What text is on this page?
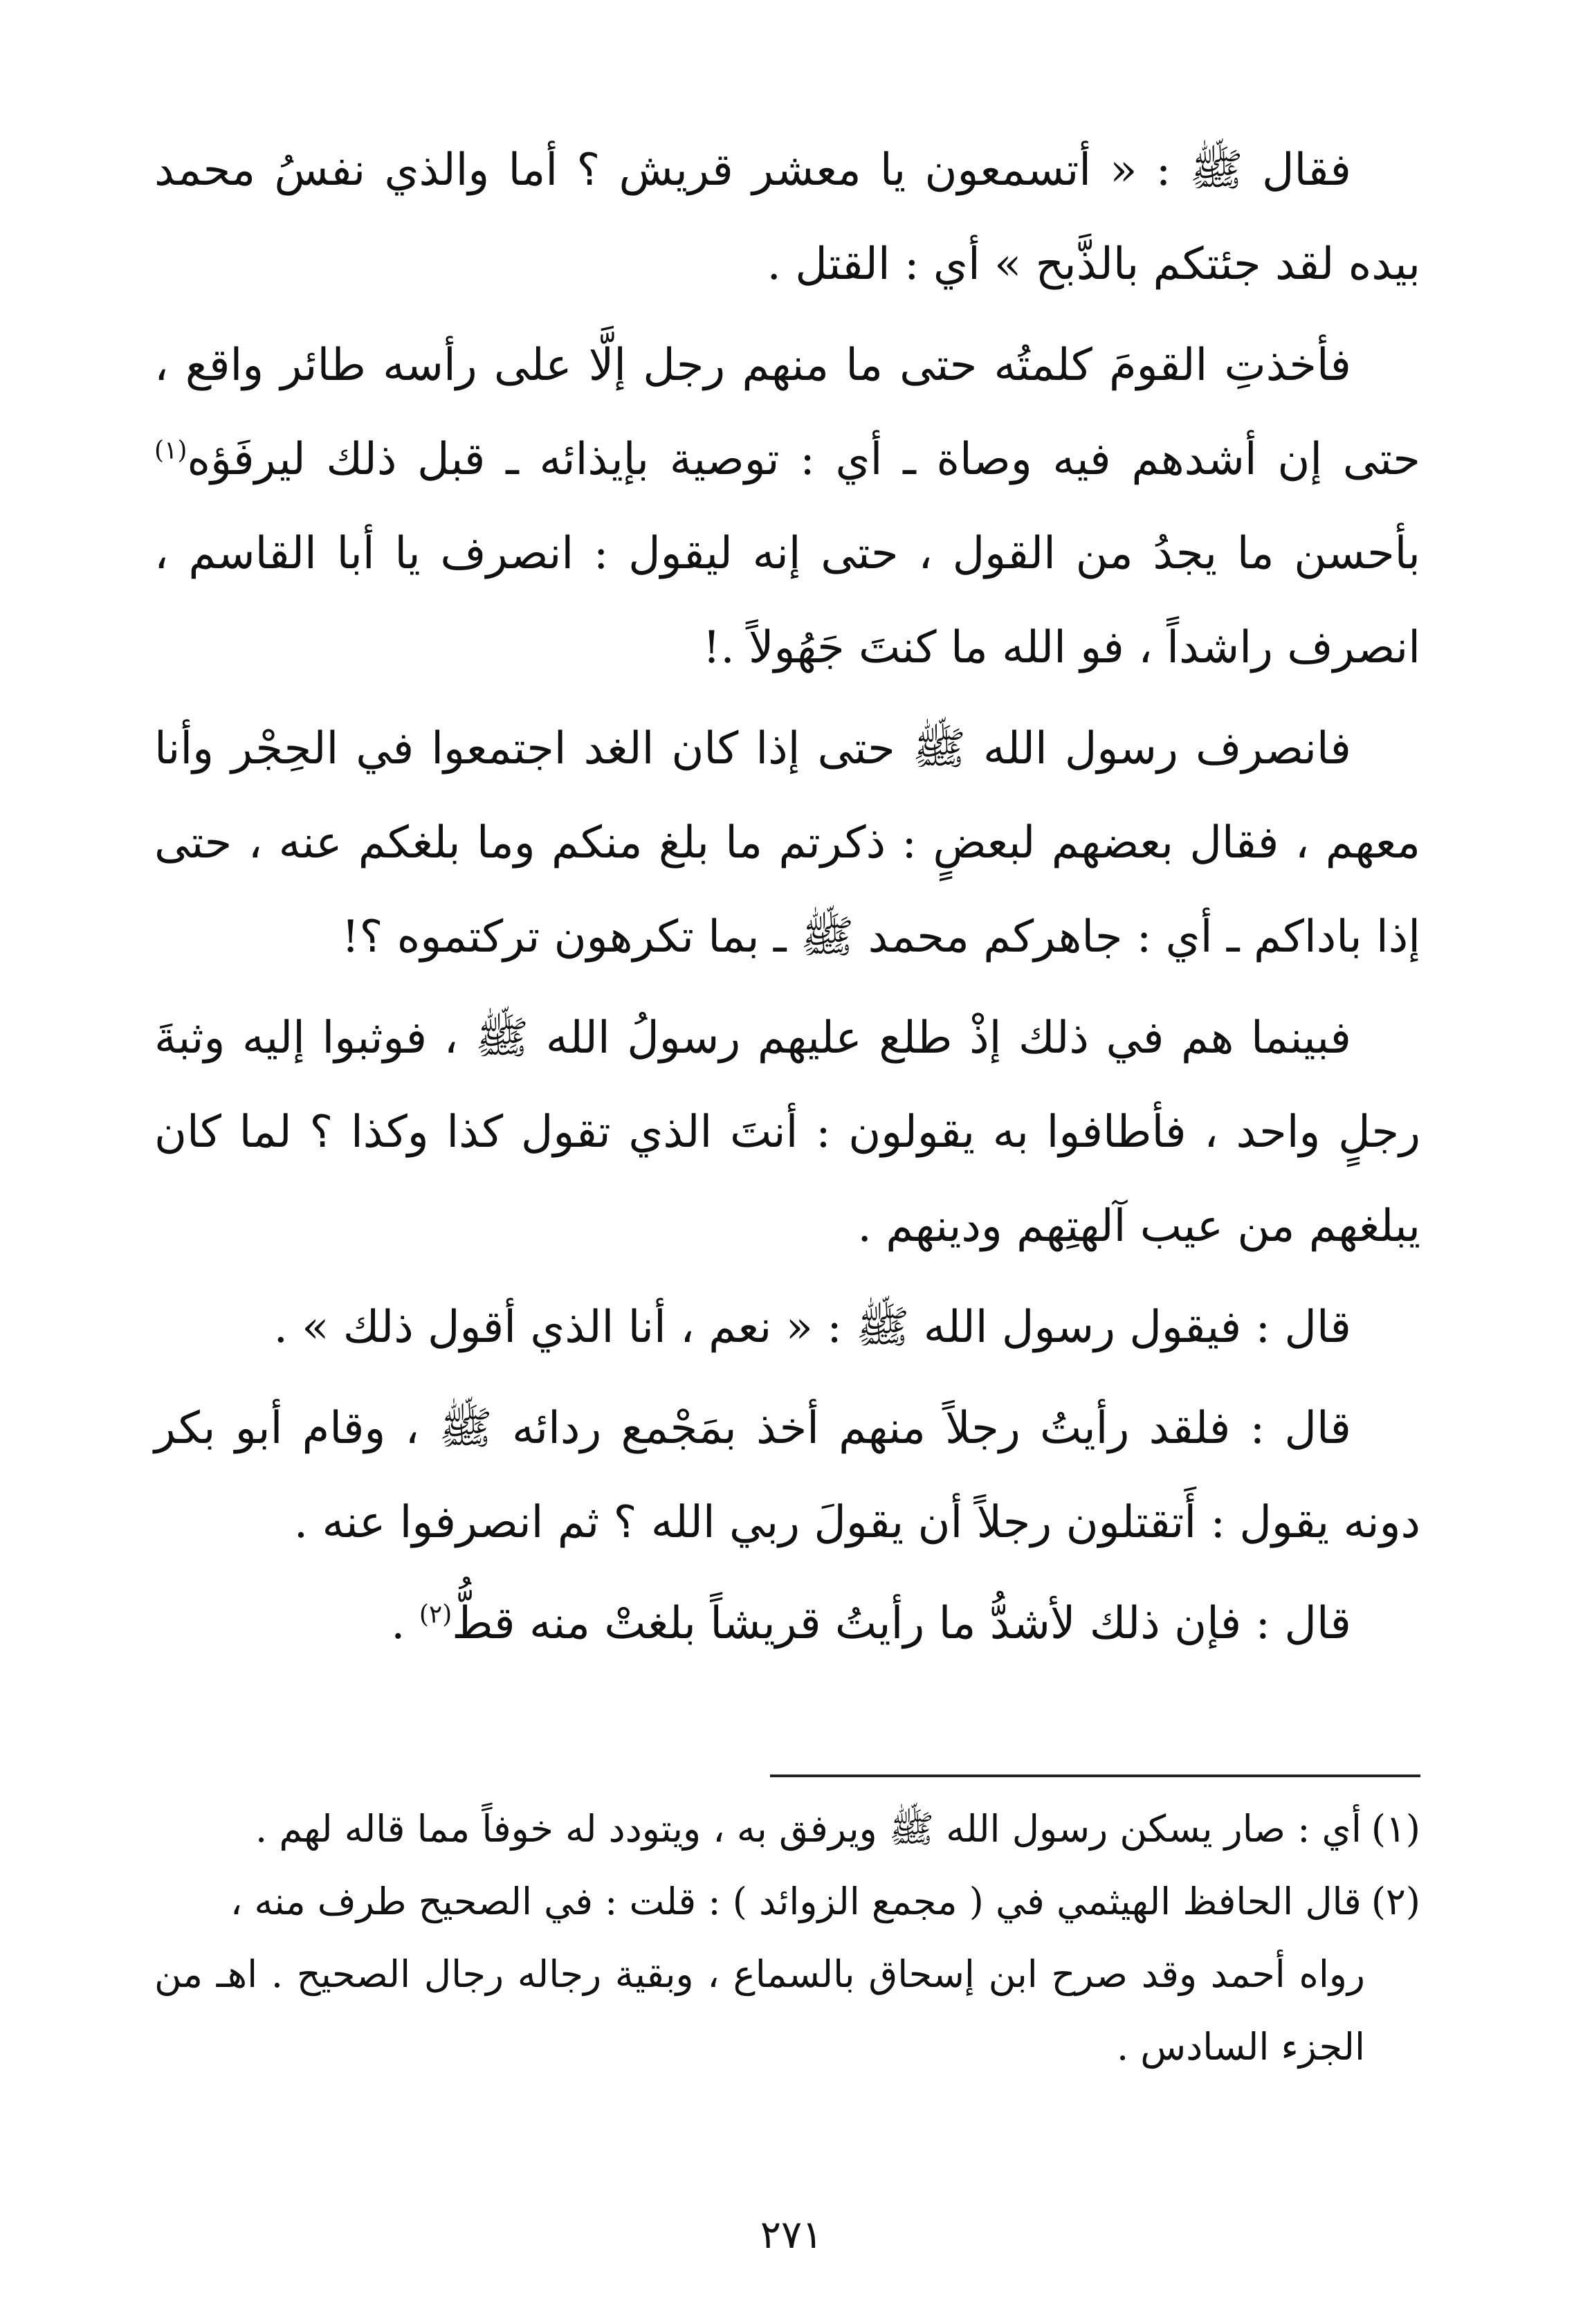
فقال ﷺ : « أتسمعون يا معشر قريش ؟ أما والذي نفسُ محمد بيده لقد جئتكم بالذَّبح » أي : القتل .

فأخذتِ القومَ كلمتُه حتى ما منهم رجل إلَّا على رأسه طائر واقع ، حتى إن أشدهم فيه وصاة ـ أي : توصية بإيذائه ـ قبل ذلك ليرفَؤه$^{(١)}$ بأحسن ما يجدُ من القول ، حتى إنه ليقول : انصرف يا أبا القاسم ، انصرف راشداً ، فو الله ما كنتَ جَهُولاً .!

فانصرف رسول الله ﷺ حتى إذا كان الغد اجتمعوا في الحِجْر وأنا معهم ، فقال بعضهم لبعضٍ : ذكرتم ما بلغ منكم وما بلغكم عنه ، حتى إذا باداكم ـ أي : جاهركم محمد ﷺ ـ بما تكرهون تركتموه ؟!

فبينما هم في ذلك إذْ طلع عليهم رسولُ الله ﷺ ، فوثبوا إليه وثبةَ رجلٍ واحد ، فأطافوا به يقولون : أنتَ الذي تقول كذا وكذا ؟ لما كان يبلغهم من عيب آلهتِهم ودينهم .

قال : فيقول رسول الله ﷺ : « نعم ، أنا الذي أقول ذلك » .

قال : فلقد رأيتُ رجلاً منهم أخذ بمَجْمع ردائه ﷺ ، وقام أبو بكر دونه يقول : أَتقتلون رجلاً أن يقولَ ربي الله ؟ ثم انصرفوا عنه .

قال : فإن ذلك لأشدُّ ما رأيتُ قريشاً بلغتْ منه قطُّ$^{(٢)}$ .

(١)أي : صار يسكن رسول الله ﷺ ويرفق به ، ويتودد له خوفاً مما قاله لهم .

(٢)قال الحافظ الهيثمي في ( مجمع الزوائد ) : قلت : في الصحيح طرف منه ،
رواه أحمد وقد صرح ابن إسحاق بالسماع ، وبقية رجاله رجال الصحيح . اهـ من الجزء السادس .

٢٧١
